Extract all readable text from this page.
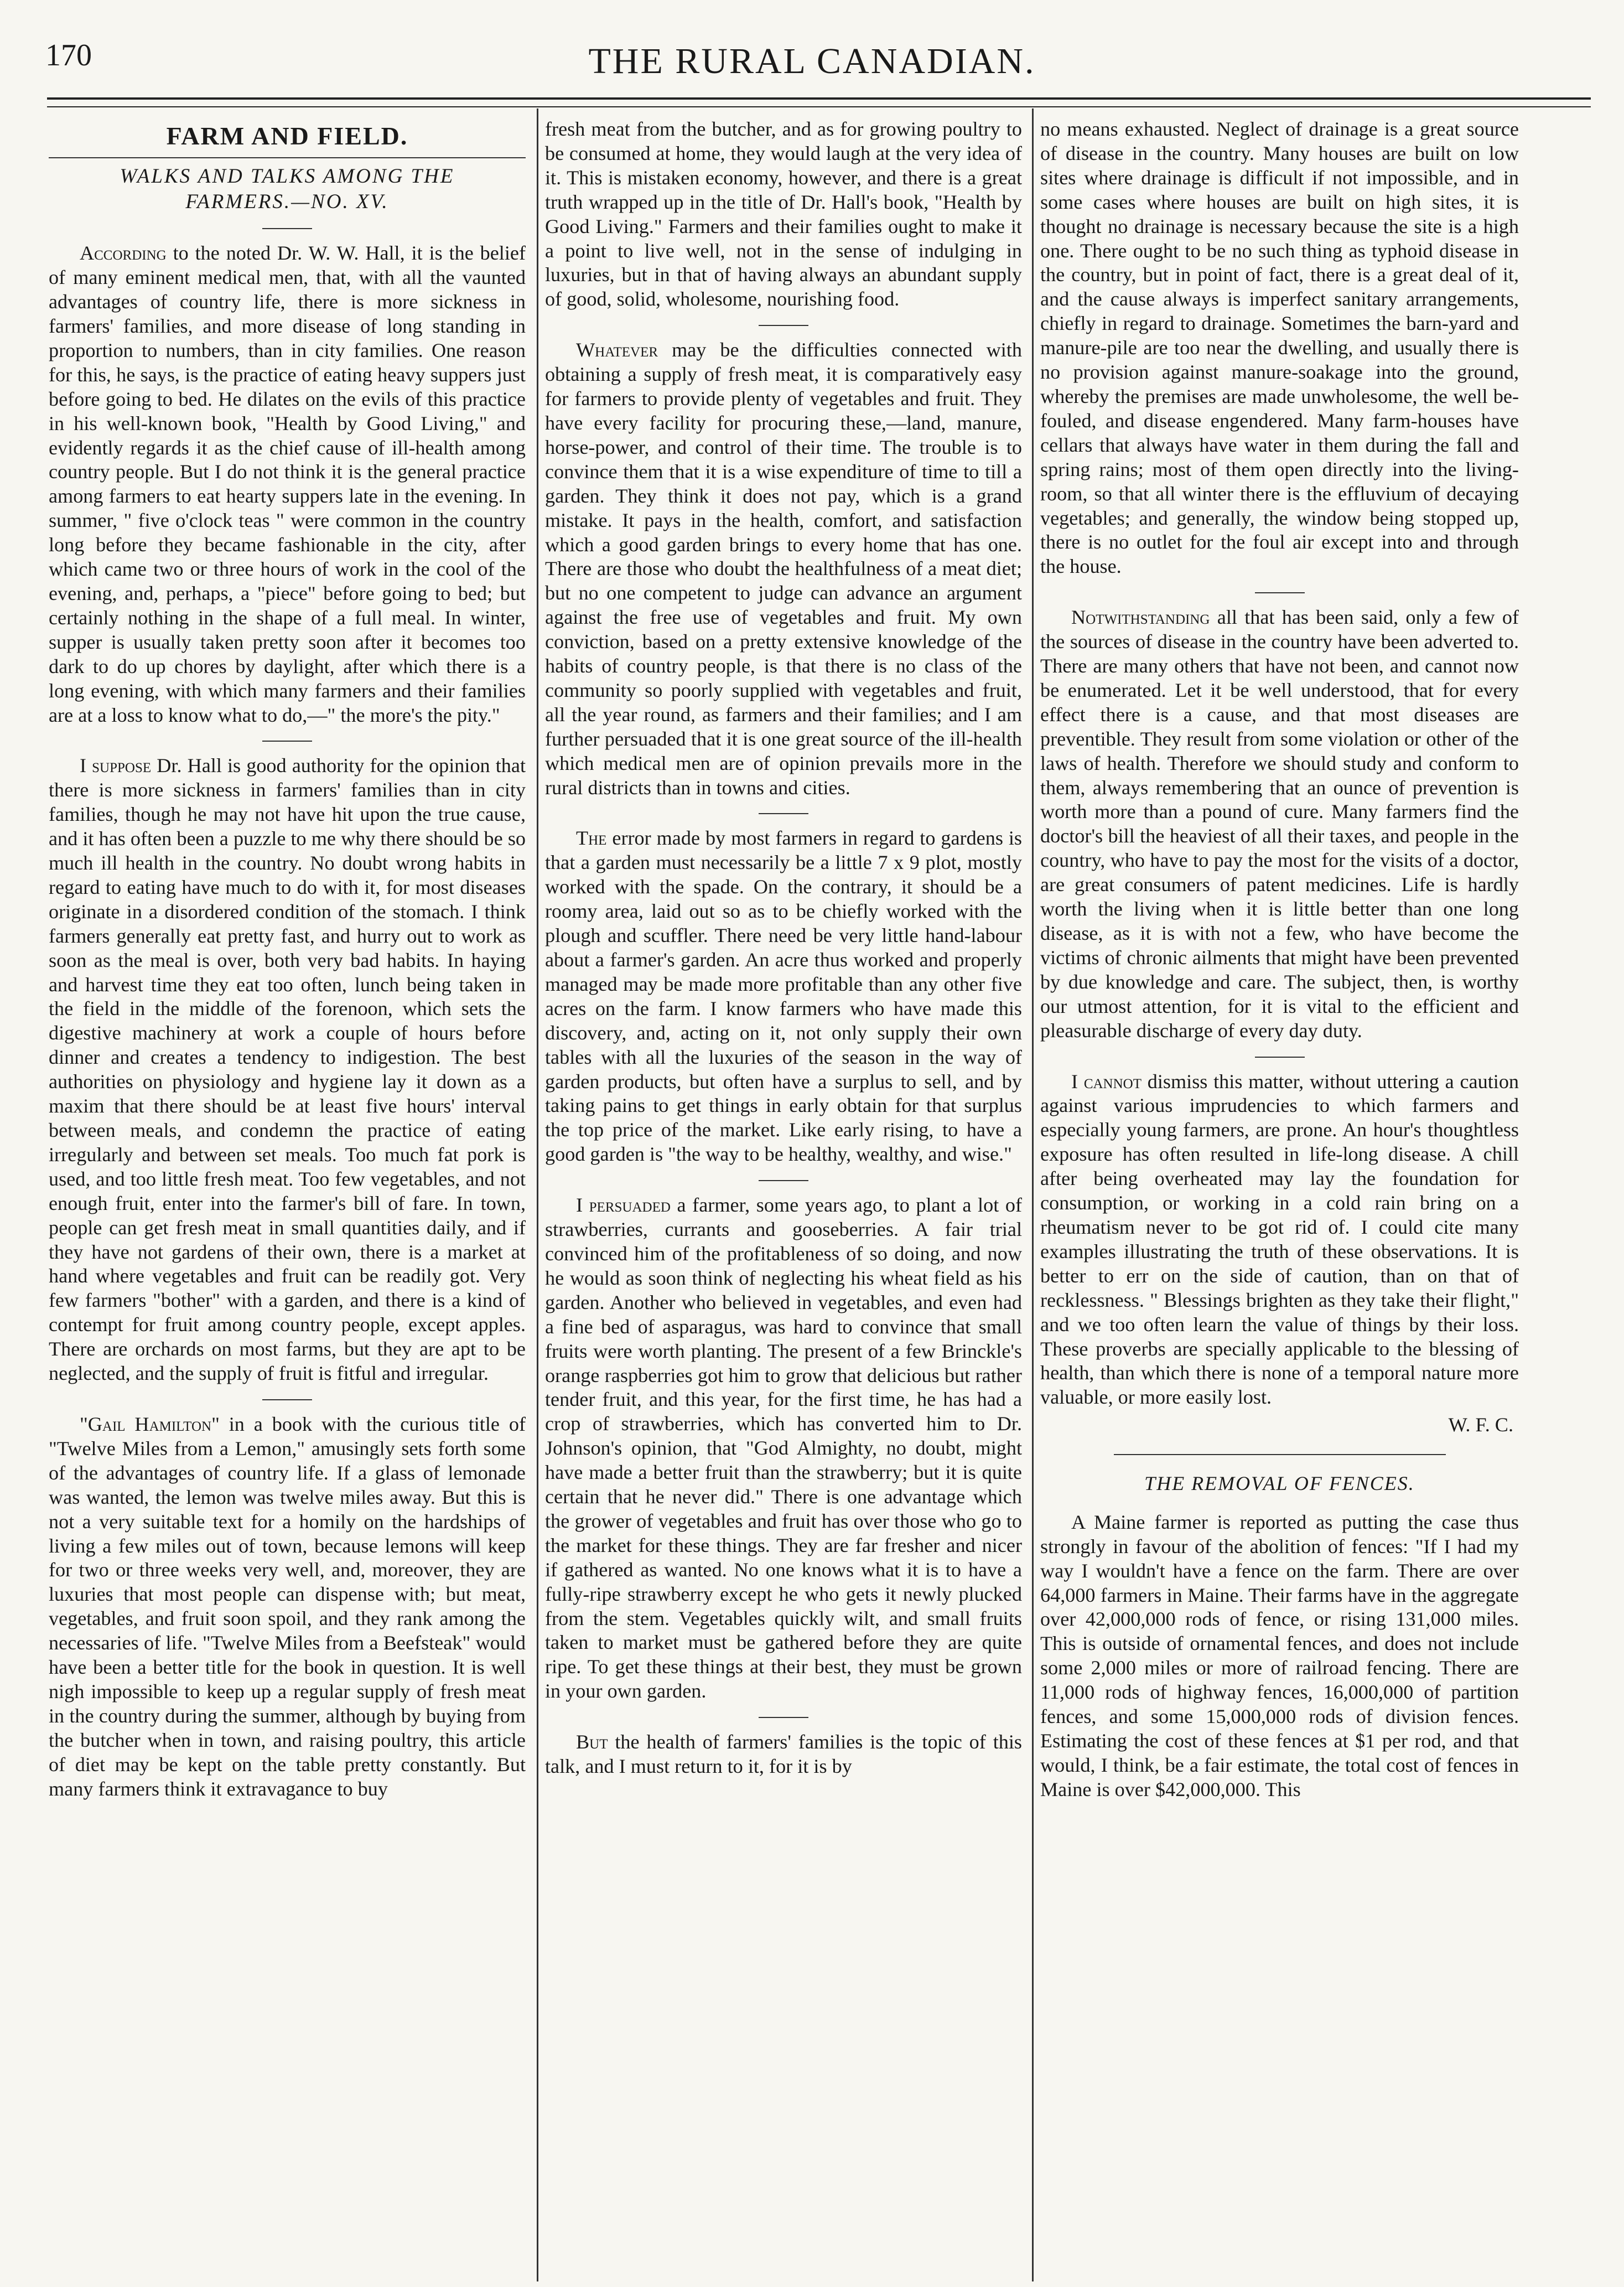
170	THE RURAL CANADIAN.
FARM AND FIELD.
WALKS AND TALKS AMONG THE FARMERS.—NO. XV.

According to the noted Dr. W. W. Hall, it is the belief of many eminent medical men, that, with all the vaunted advantages of country life, there is more sickness in farmers' families, and more disease of long standing in proportion to numbers, than in city families. One reason for this, he says, is the practice of eating heavy suppers just before going to bed. He dilates on the evils of this practice in his well-known book, "Health by Good Living," and evidently regards it as the chief cause of ill-health among country people. But I do not think it is the general practice among farmers to eat hearty suppers late in the evening. In summer, " five o'clock teas " were common in the country long before they became fashionable in the city, after which came two or three hours of work in the cool of the evening, and, perhaps, a "piece" before going to bed; but certainly nothing in the shape of a full meal. In winter, supper is usually taken pretty soon after it becomes too dark to do up chores by daylight, after which there is a long evening, with which many farmers and their families are at a loss to know what to do,—" the more's the pity."

I suppose Dr. Hall is good authority for the opinion that there is more sickness in farmers' families than in city families, though he may not have hit upon the true cause, and it has often been a puzzle to me why there should be so much ill health in the country. No doubt wrong habits in regard to eating have much to do with it, for most diseases originate in a disordered condition of the stomach. I think farmers generally eat pretty fast, and hurry out to work as soon as the meal is over, both very bad habits. In haying and harvest time they eat too often, lunch being taken in the field in the middle of the forenoon, which sets the digestive machinery at work a couple of hours before dinner and creates a tendency to indigestion. The best authorities on physiology and hygiene lay it down as a maxim that there should be at least five hours' interval between meals, and condemn the practice of eating irregularly and between set meals. Too much fat pork is used, and too little fresh meat. Too few vegetables, and not enough fruit, enter into the farmer's bill of fare. In town, people can get fresh meat in small quantities daily, and if they have not gardens of their own, there is a market at hand where vegetables and fruit can be readily got. Very few farmers "bother" with a garden, and there is a kind of contempt for fruit among country people, except apples. There are orchards on most farms, but they are apt to be neglected, and the supply of fruit is fitful and irregular.

"Gail Hamilton" in a book with the curious title of "Twelve Miles from a Lemon," amusingly sets forth some of the advantages of country life. If a glass of lemonade was wanted, the lemon was twelve miles away. But this is not a very suitable text for a homily on the hardships of living a few miles out of town, because lemons will keep for two or three weeks very well, and, moreover, they are luxuries that most people can dispense with; but meat, vegetables, and fruit soon spoil, and they rank among the necessaries of life. "Twelve Miles from a Beefsteak" would have been a better title for the book in question. It is well nigh impossible to keep up a regular supply of fresh meat in the country during the summer, although by buying from the butcher when in town, and raising poultry, this article of diet may be kept on the table pretty constantly. But many farmers think it extravagance to buy

fresh meat from the butcher, and as for growing poultry to be consumed at home, they would laugh at the very idea of it. This is mistaken economy, however, and there is a great truth wrapped up in the title of Dr. Hall's book, "Health by Good Living." Farmers and their families ought to make it a point to live well, not in the sense of indulging in luxuries, but in that of having always an abundant supply of good, solid, wholesome, nourishing food.

Whatever may be the difficulties connected with obtaining a supply of fresh meat, it is comparatively easy for farmers to provide plenty of vegetables and fruit. They have every facility for procuring these,—land, manure, horse-power, and control of their time. The trouble is to convince them that it is a wise expenditure of time to till a garden. They think it does not pay, which is a grand mistake. It pays in the health, comfort, and satisfaction which a good garden brings to every home that has one. There are those who doubt the healthfulness of a meat diet; but no one competent to judge can advance an argument against the free use of vegetables and fruit. My own conviction, based on a pretty extensive knowledge of the habits of country people, is that there is no class of the community so poorly supplied with vegetables and fruit, all the year round, as farmers and their families; and I am further persuaded that it is one great source of the ill-health which medical men are of opinion prevails more in the rural districts than in towns and cities.

The error made by most farmers in regard to gardens is that a garden must necessarily be a little 7 x 9 plot, mostly worked with the spade. On the contrary, it should be a roomy area, laid out so as to be chiefly worked with the plough and scuffler. There need be very little hand-labour about a farmer's garden. An acre thus worked and properly managed may be made more profitable than any other five acres on the farm. I know farmers who have made this discovery, and, acting on it, not only supply their own tables with all the luxuries of the season in the way of garden products, but often have a surplus to sell, and by taking pains to get things in early obtain for that surplus the top price of the market. Like early rising, to have a good garden is "the way to be healthy, wealthy, and wise."

I persuaded a farmer, some years ago, to plant a lot of strawberries, currants and gooseberries. A fair trial convinced him of the profitableness of so doing, and now he would as soon think of neglecting his wheat field as his garden. Another who believed in vegetables, and even had a fine bed of asparagus, was hard to convince that small fruits were worth planting. The present of a few Brinckle's orange raspberries got him to grow that delicious but rather tender fruit, and this year, for the first time, he has had a crop of strawberries, which has converted him to Dr. Johnson's opinion, that "God Almighty, no doubt, might have made a better fruit than the strawberry; but it is quite certain that he never did." There is one advantage which the grower of vegetables and fruit has over those who go to the market for these things. They are far fresher and nicer if gathered as wanted. No one knows what it is to have a fully-ripe strawberry except he who gets it newly plucked from the stem. Vegetables quickly wilt, and small fruits taken to market must be gathered before they are quite ripe. To get these things at their best, they must be grown in your own garden.

But the health of farmers' families is the topic of this talk, and I must return to it, for it is by

no means exhausted. Neglect of drainage is a great source of disease in the country. Many houses are built on low sites where drainage is difficult if not impossible, and in some cases where houses are built on high sites, it is thought no drainage is necessary because the site is a high one. There ought to be no such thing as typhoid disease in the country, but in point of fact, there is a great deal of it, and the cause always is imperfect sanitary arrangements, chiefly in regard to drainage. Sometimes the barn-yard and manure-pile are too near the dwelling, and usually there is no provision against manure-soakage into the ground, whereby the premises are made unwholesome, the well be-fouled, and disease engendered. Many farm-houses have cellars that always have water in them during the fall and spring rains; most of them open directly into the living-room, so that all winter there is the effluvium of decaying vegetables; and generally, the window being stopped up, there is no outlet for the foul air except into and through the house.

Notwithstanding all that has been said, only a few of the sources of disease in the country have been adverted to. There are many others that have not been, and cannot now be enumerated. Let it be well understood, that for every effect there is a cause, and that most diseases are preventible. They result from some violation or other of the laws of health. Therefore we should study and conform to them, always remembering that an ounce of prevention is worth more than a pound of cure. Many farmers find the doctor's bill the heaviest of all their taxes, and people in the country, who have to pay the most for the visits of a doctor, are great consumers of patent medicines. Life is hardly worth the living when it is little better than one long disease, as it is with not a few, who have become the victims of chronic ailments that might have been prevented by due knowledge and care. The subject, then, is worthy our utmost attention, for it is vital to the efficient and pleasurable discharge of every day duty.

I cannot dismiss this matter, without uttering a caution against various imprudencies to which farmers and especially young farmers, are prone. An hour's thoughtless exposure has often resulted in life-long disease. A chill after being overheated may lay the foundation for consumption, or working in a cold rain bring on a rheumatism never to be got rid of. I could cite many examples illustrating the truth of these observations. It is better to err on the side of caution, than on that of recklessness. " Blessings brighten as they take their flight," and we too often learn the value of things by their loss. These proverbs are specially applicable to the blessing of health, than which there is none of a temporal nature more valuable, or more easily lost.

W. F. C.
THE REMOVAL OF FENCES.

A Maine farmer is reported as putting the case thus strongly in favour of the abolition of fences: "If I had my way I wouldn't have a fence on the farm. There are over 64,000 farmers in Maine. Their farms have in the aggregate over 42,000,000 rods of fence, or rising 131,000 miles. This is outside of ornamental fences, and does not include some 2,000 miles or more of railroad fencing. There are 11,000 rods of highway fences, 16,000,000 of partition fences, and some 15,000,000 rods of division fences. Estimating the cost of these fences at $1 per rod, and that would, I think, be a fair estimate, the total cost of fences in Maine is over $42,000,000. This
